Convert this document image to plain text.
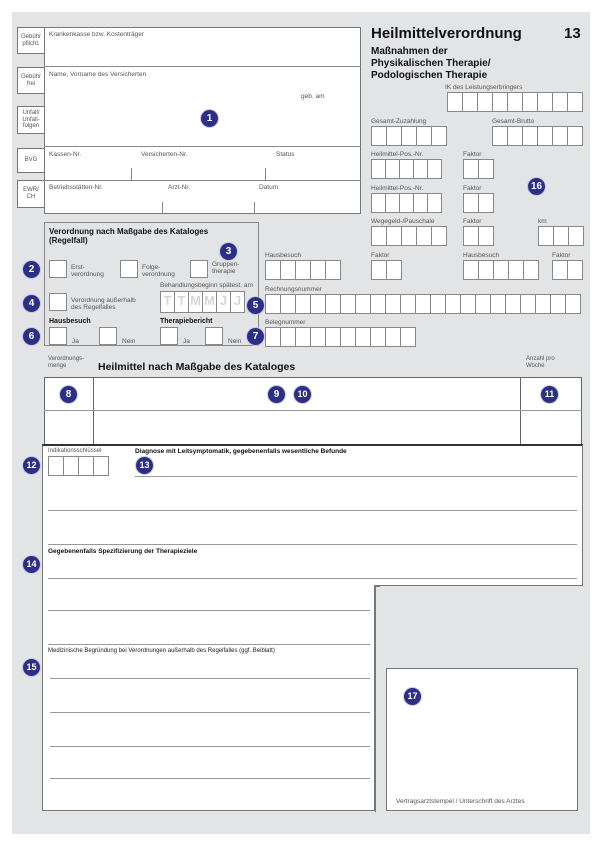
Gebühr pflicht.
Gebühr frei
Unfall/ Unfall- folgen
BVG
EWR/ CH
Krankenkasse bzw. Kostenträger
Name, Vorname des Versicherten
geb. am
Kassen-Nr.	Versicherten-Nr.	Status
Betriebsstätten-Nr.	Arzt-Nr.	Datum
1
Heilmittelverordnung	13
Maßnahmen der
Physikalischen Therapie/
Podologischen Therapie
IK des Leistungserbringers
Gesamt-Zuzahlung	Gesamt-Brutto
Heilmittel-Pos.-Nr.	Faktor
Heilmittel-Pos.-Nr.	Faktor	16
Wegegeld-/Pauschale	Faktor	km
Hausbesuch	Faktor	Hausbesuch	Faktor
Rechnungsnummer
Belegnummer
Verordnung nach Maßgabe des Kataloges
(Regelfall)
3
2	Erst-
verordnung
Folge-
verordnung
Gruppen-
therapie
4	Verordnung außerhalb
des Regelfalles
Behandlungsbeginn spätest. am
T T M M J J	5
Hausbesuch	Therapiebericht
6	Ja	Nein	Ja	Nein	7
Verordnungs-
menge	Heilmittel nach Maßgabe des Kataloges
Anzahl pro
Woche
8	9	10	11
Indikationsschlüssel
12
Diagnose mit Leitsymptomatik, gegebenenfalls wesentliche Befunde
13
Gegebenenfalls Spezifizierung der Therapieziele
14
Medizinische Begründung bei Verordnungen außerhalb des Regelfalles (ggf. Beiblatt)
15
17
Vertragsarztstempel / Unterschrift des Arztes
